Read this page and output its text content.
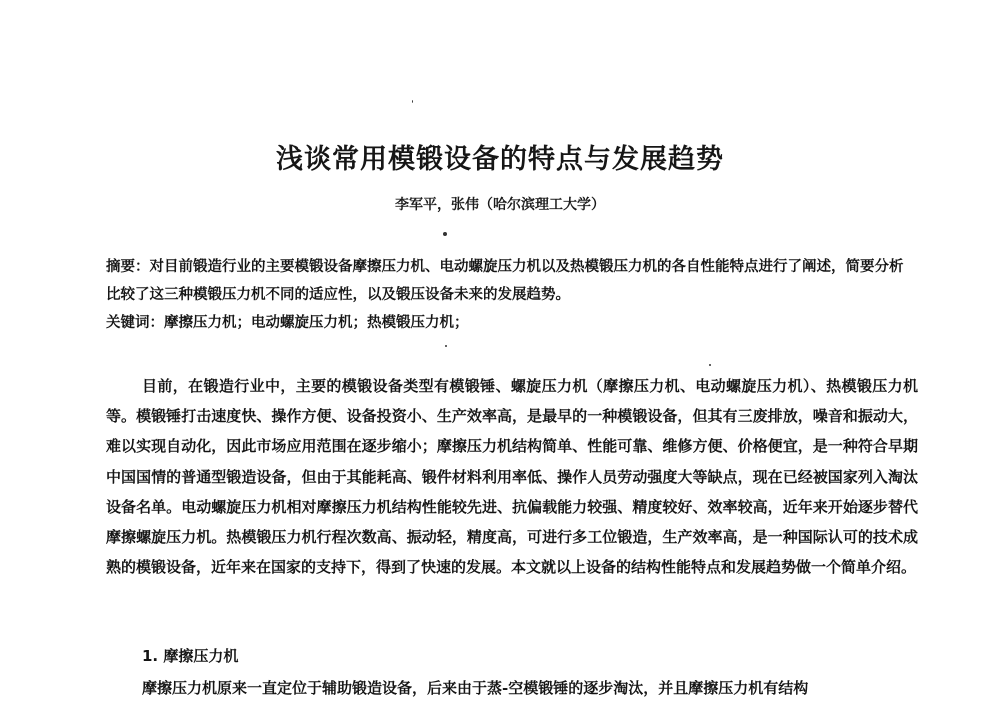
浅谈常用模锻设备的特点与发展趋势
李军平，张伟（哈尔滨理工大学）
摘要：对目前锻造行业的主要模锻设备摩擦压力机、电动螺旋压力机以及热模锻压力机的各自性能特点进行了阐述，简要分析比较了这三种模锻压力机不同的适应性，以及锻压设备未来的发展趋势。
关键词：摩擦压力机；电动螺旋压力机；热模锻压力机；
目前，在锻造行业中，主要的模锻设备类型有模锻锤、螺旋压力机（摩擦压力机、电动螺旋压力机）、热模锻压力机等。模锻锤打击速度快、操作方便、设备投资小、生产效率高，是最早的一种模锻设备，但其有三废排放，噪音和振动大，难以实现自动化，因此市场应用范围在逐步缩小；摩擦压力机结构简单、性能可靠、维修方便、价格便宜，是一种符合早期中国国情的普通型锻造设备，但由于其能耗高、锻件材料利用率低、操作人员劳动强度大等缺点，现在已经被国家列入淘汰设备名单。电动螺旋压力机相对摩擦压力机结构性能较先进、抗偏载能力较强、精度较好、效率较高，近年来开始逐步替代摩擦螺旋压力机。热模锻压力机行程次数高、振动轻，精度高，可进行多工位锻造，生产效率高，是一种国际认可的技术成熟的模锻设备，近年来在国家的支持下，得到了快速的发展。本文就以上设备的结构性能特点和发展趋势做一个简单介绍。
1. 摩擦压力机
摩擦压力机原来一直定位于辅助锻造设备，后来由于蒸-空模锻锤的逐步淘汰，并且摩擦压力机有结构
